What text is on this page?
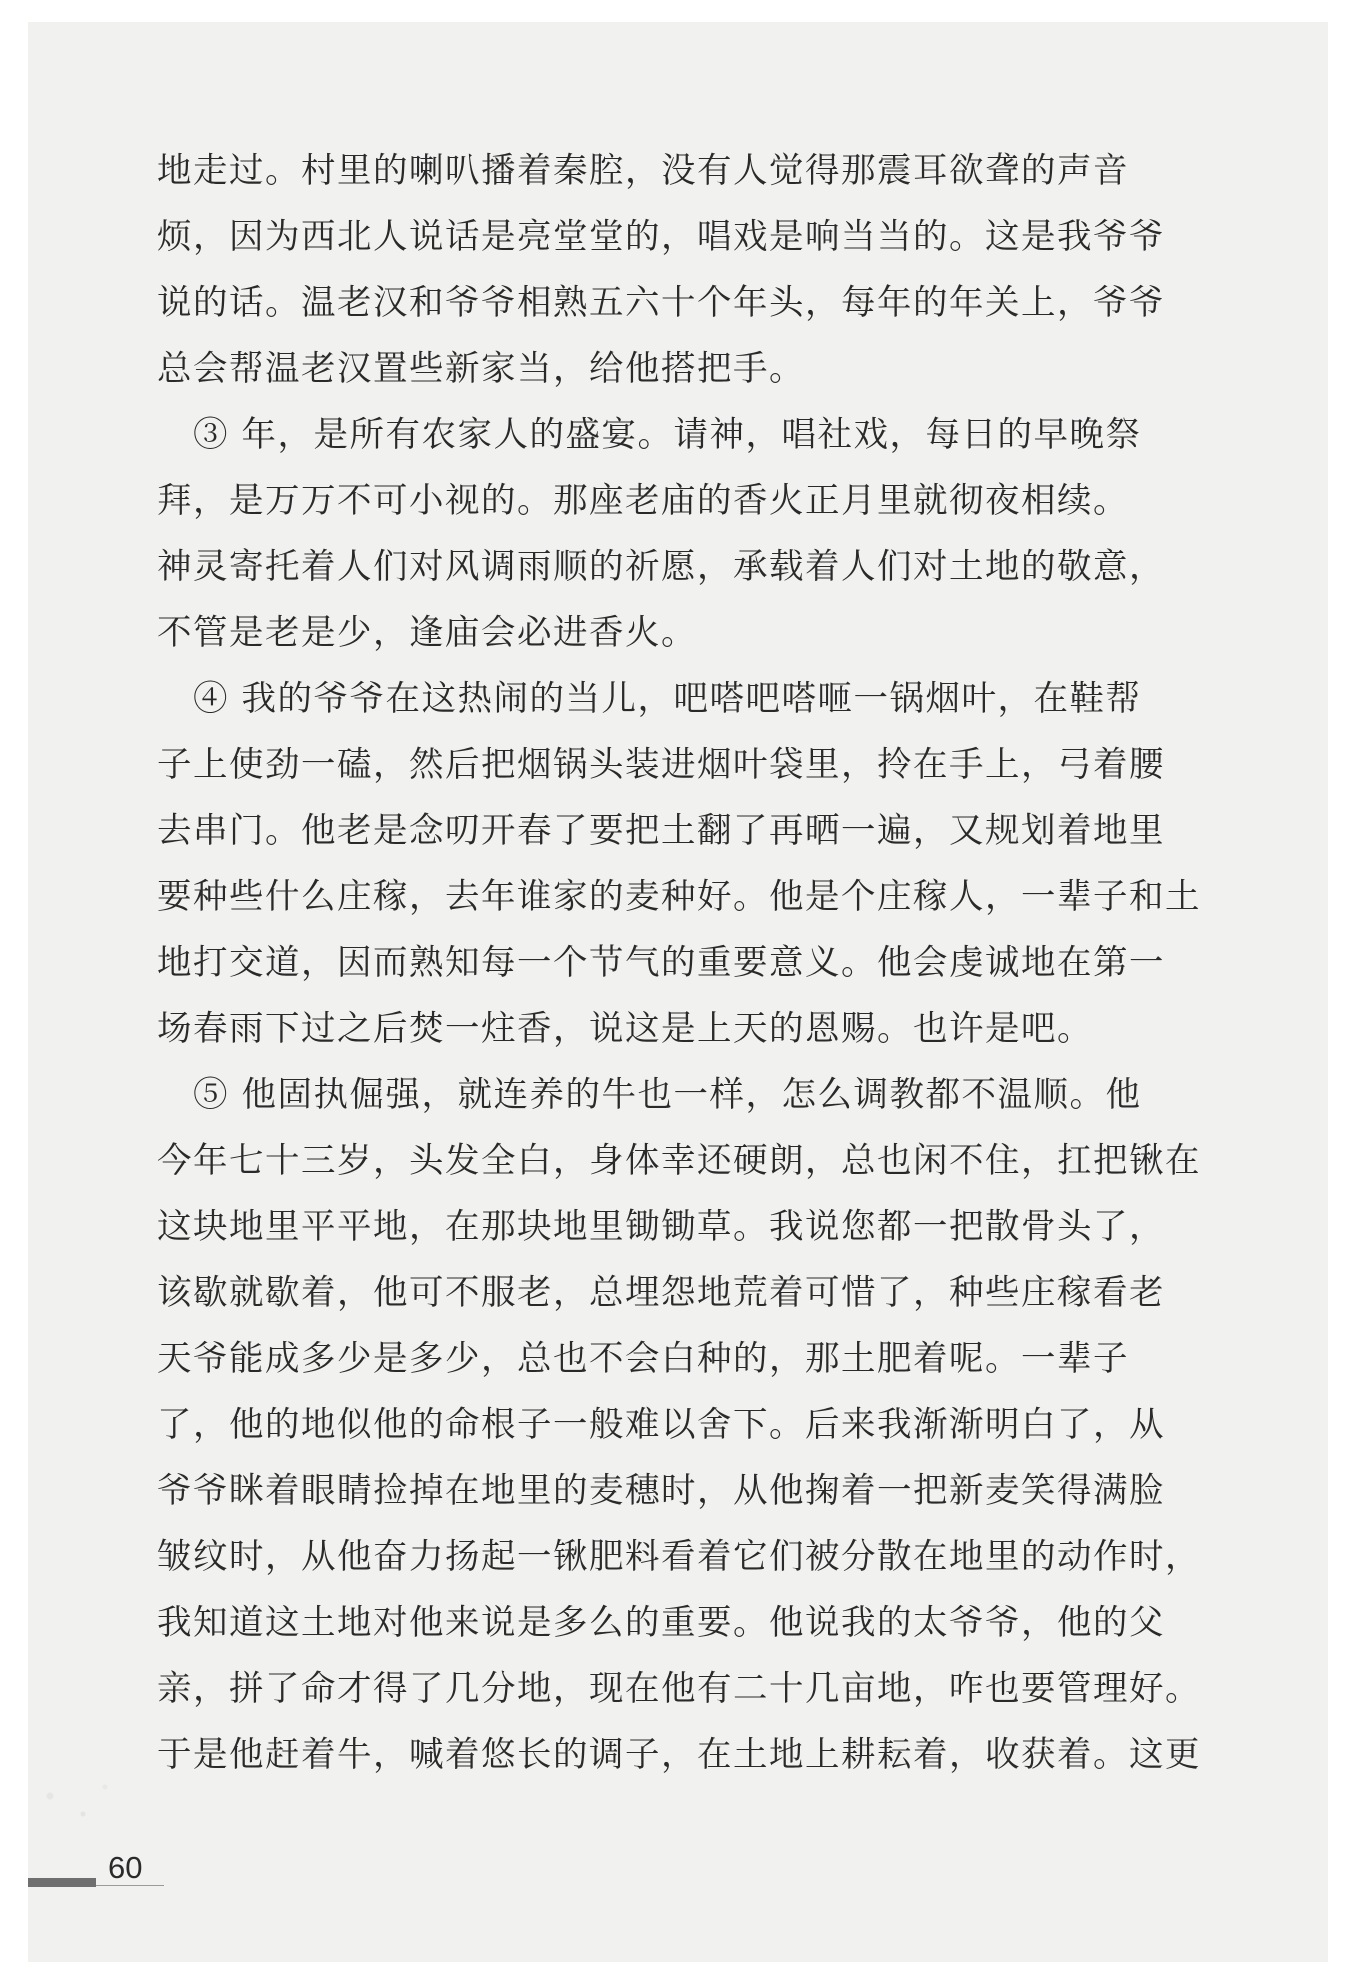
地走过。村里的喇叭播着秦腔，没有人觉得那震耳欲聋的声音
烦，因为西北人说话是亮堂堂的，唱戏是响当当的。这是我爷爷
说的话。温老汉和爷爷相熟五六十个年头，每年的年关上，爷爷
总会帮温老汉置些新家当，给他搭把手。
　③ 年，是所有农家人的盛宴。请神，唱社戏，每日的早晚祭
拜，是万万不可小视的。那座老庙的香火正月里就彻夜相续。
神灵寄托着人们对风调雨顺的祈愿，承载着人们对土地的敬意，
不管是老是少，逢庙会必进香火。
　④ 我的爷爷在这热闹的当儿，吧嗒吧嗒咂一锅烟叶，在鞋帮
子上使劲一磕，然后把烟锅头装进烟叶袋里，拎在手上，弓着腰
去串门。他老是念叨开春了要把土翻了再晒一遍，又规划着地里
要种些什么庄稼，去年谁家的麦种好。他是个庄稼人，一辈子和土
地打交道，因而熟知每一个节气的重要意义。他会虔诚地在第一
场春雨下过之后焚一炷香，说这是上天的恩赐。也许是吧。
　⑤ 他固执倔强，就连养的牛也一样，怎么调教都不温顺。他
今年七十三岁，头发全白，身体幸还硬朗，总也闲不住，扛把锹在
这块地里平平地，在那块地里锄锄草。我说您都一把散骨头了，
该歇就歇着，他可不服老，总埋怨地荒着可惜了，种些庄稼看老
天爷能成多少是多少，总也不会白种的，那土肥着呢。一辈子
了，他的地似他的命根子一般难以舍下。后来我渐渐明白了，从
爷爷眯着眼睛捡掉在地里的麦穗时，从他掬着一把新麦笑得满脸
皱纹时，从他奋力扬起一锹肥料看着它们被分散在地里的动作时，
我知道这土地对他来说是多么的重要。他说我的太爷爷，他的父
亲，拼了命才得了几分地，现在他有二十几亩地，咋也要管理好。
于是他赶着牛，喊着悠长的调子，在土地上耕耘着，收获着。这更
60
